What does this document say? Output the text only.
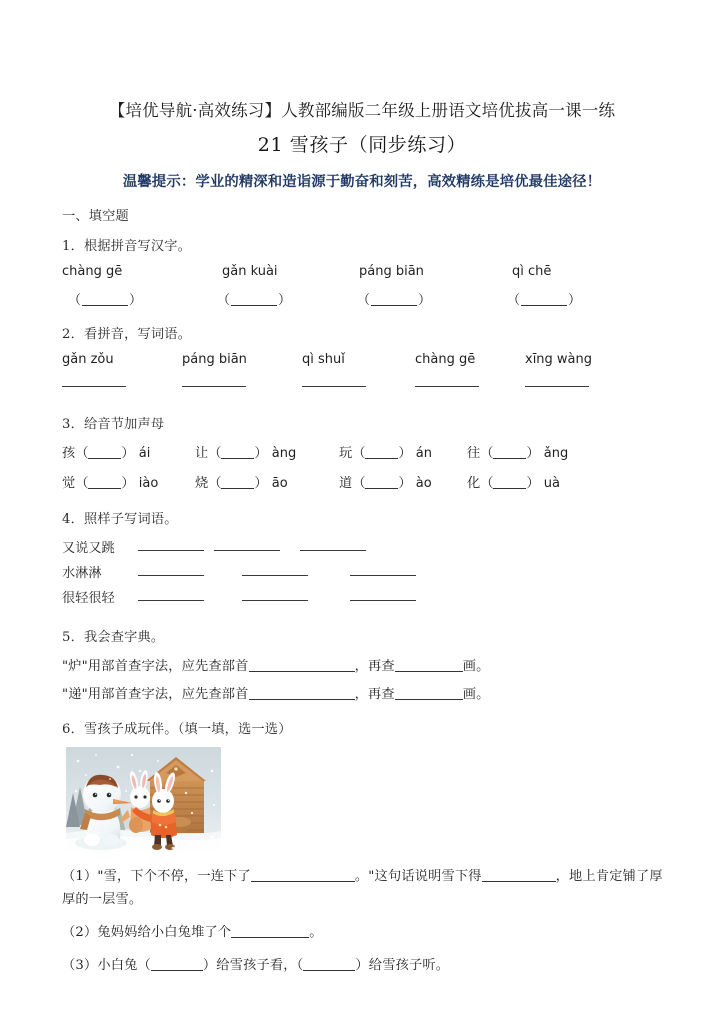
【培优导航·高效练习】人教部编版二年级上册语文培优拔高一课一练
21 雪孩子（同步练习）
温馨提示：学业的精深和造诣源于勤奋和刻苦，高效精练是培优最佳途径！
一、填空题
1．根据拼音写汉字。
chàng gē	gǎn kuài	páng biān	qì chē
（	）	（	）	（	）	（	）
2．看拼音，写词语。
gǎn zǒu	páng biān	qì shuǐ	chàng gē	xīng wàng
3．给音节加声母
孩（	） ái	让（	） àng	玩（	） án	往（	） ǎng
觉（	） iào	烧（	） āo	道（	） ào	化（	） uà
4．照样子写词语。
又说又跳
水淋淋
很轻很轻
5．我会查字典。
"炉"用部首查字法，应先查部首	，再查	画。
"递"用部首查字法，应先查部首	，再查	画。
6．雪孩子成玩伴。（填一填，选一选）
（1）"雪，下个不停，一连下了	。"这句话说明雪下得	，地上肯定铺了厚厚的一层雪。
（2）兔妈妈给小白兔堆了个	。
（3）小白兔（	）给雪孩子看，（	）给雪孩子听。
